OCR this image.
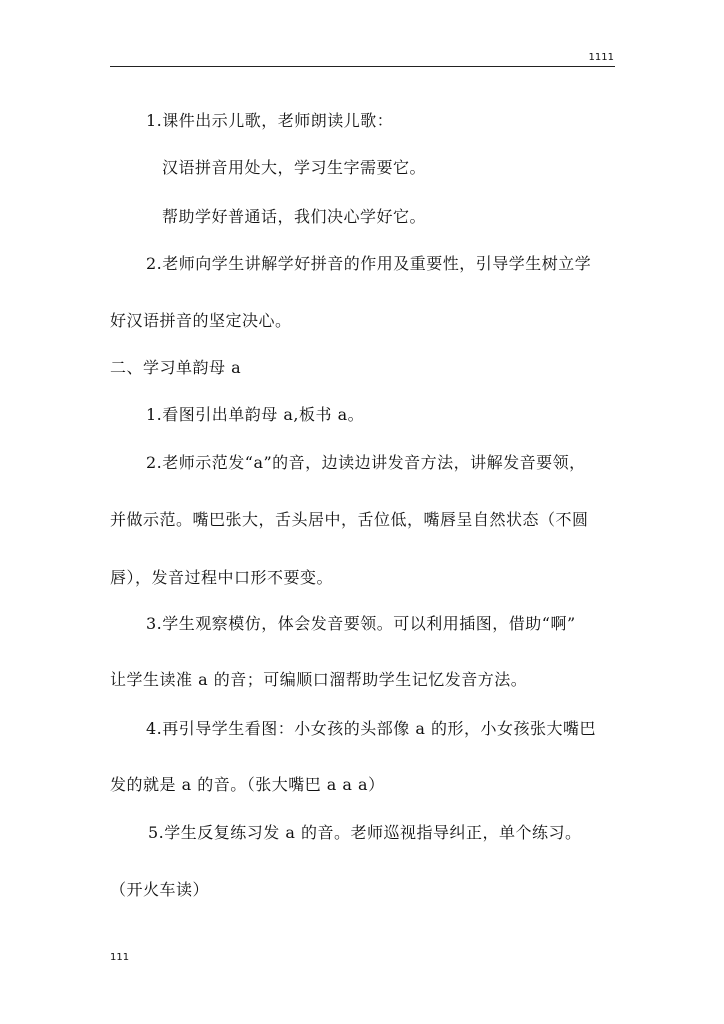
1111
1.课件出示儿歌，老师朗读儿歌：
汉语拼音用处大，学习生字需要它。
帮助学好普通话，我们决心学好它。
2.老师向学生讲解学好拼音的作用及重要性，引导学生树立学
好汉语拼音的坚定决心。
二、学习单韵母 a
1.看图引出单韵母 a,板书 a。
2.老师示范发“a”的音，边读边讲发音方法，讲解发音要领，
并做示范。嘴巴张大，舌头居中，舌位低，嘴唇呈自然状态（不圆
唇），发音过程中口形不要变。
3.学生观察模仿，体会发音要领。可以利用插图，借助“啊”
让学生读准 a 的音；可编顺口溜帮助学生记忆发音方法。
4.再引导学生看图：小女孩的头部像 a 的形，小女孩张大嘴巴
发的就是 a 的音。（张大嘴巴 a a a）
5.学生反复练习发 a 的音。老师巡视指导纠正，单个练习。
（开火车读）
111
